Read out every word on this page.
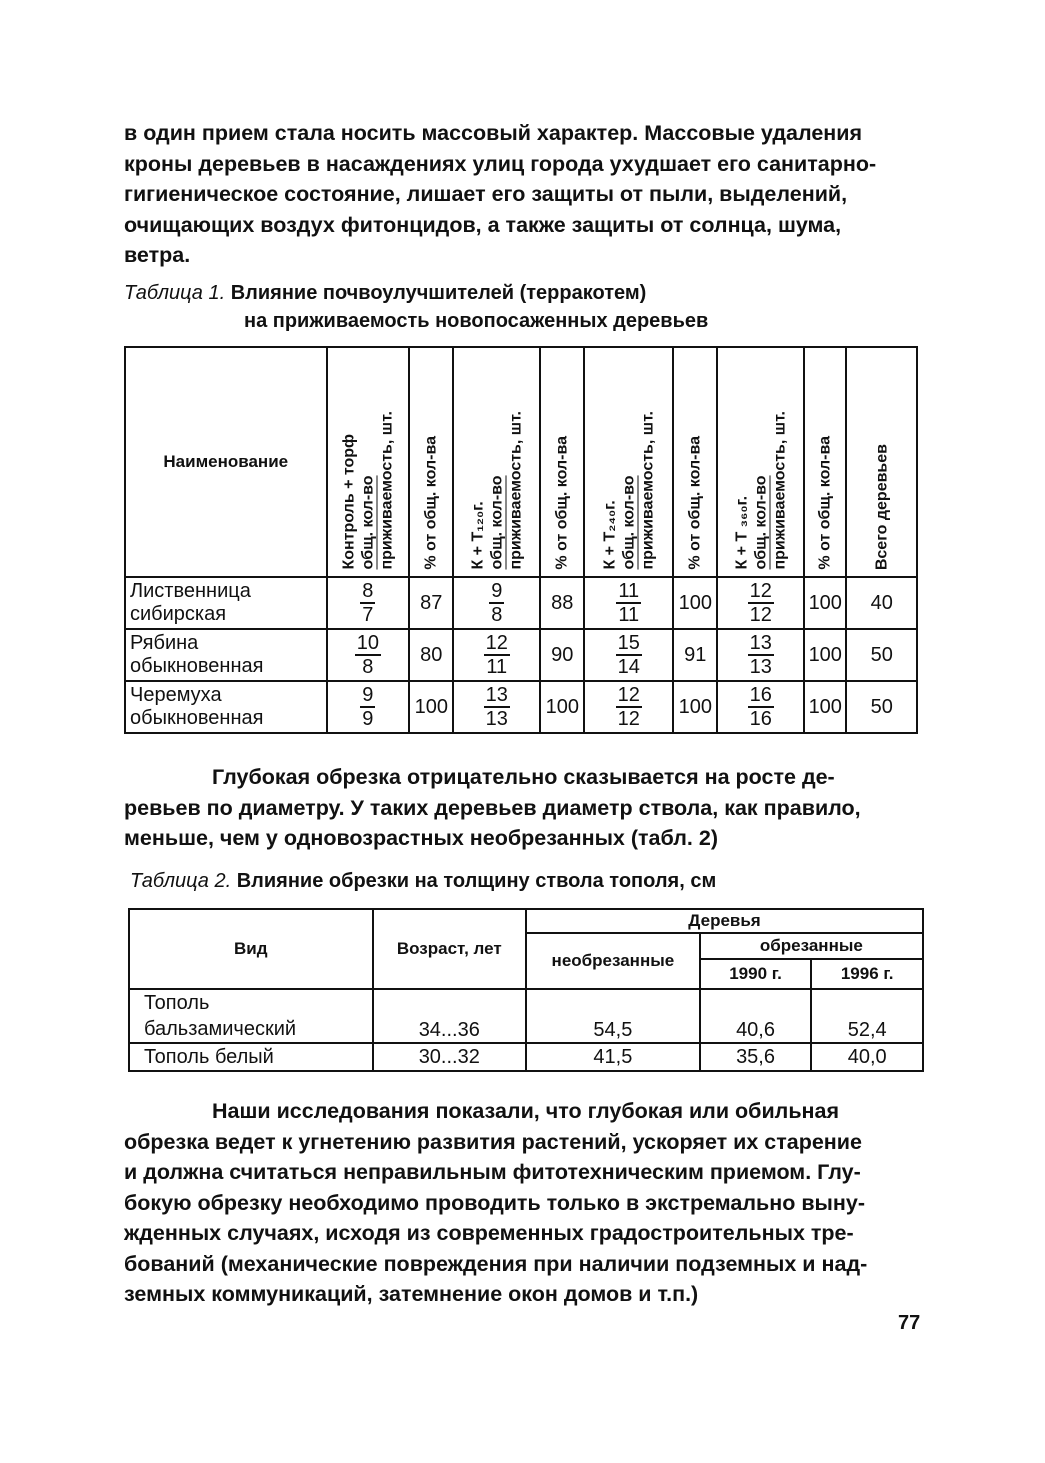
в один прием стала носить массовый характер. Массовые удаления
кроны деревьев в насаждениях улиц города ухудшает его санитарно-
гигиеническое состояние, лишает его защиты от пыли, выделений,
очищающих воздух фитонцидов, а также защиты от солнца, шума,
ветра.

Таблица 1. Влияние почвоулучшителей (терракотем)

на приживаемость новопосаженных деревьев

Наименование	Контроль + торф общ. кол-во приживаемость, шт.	% от общ. кол-ва	К + Т₁₂₀г. общ. кол-во приживаемость, шт.	% от общ. кол-ва	К + Т₂₄₀г. общ. кол-во приживаемость, шт.	% от общ. кол-ва	К + Т ₃₆₀г. общ. кол-во приживаемость, шт.	% от общ. кол-ва	Всего деревьев

Лиственница
сибирская	$\frac{8}{7}$	87	$\frac{9}{8}$	88	$\frac{11}{11}$	100	$\frac{12}{12}$	100	40
Рябина
обыкновенная	$\frac{10}{8}$	80	$\frac{12}{11}$	90	$\frac{15}{14}$	91	$\frac{13}{13}$	100	50
Черемуха
обыкновенная	$\frac{9}{9}$	100	$\frac{13}{13}$	100	$\frac{12}{12}$	100	$\frac{16}{16}$	100	50
Глубокая обрезка отрицательно сказывается на росте де-
ревьев по диаметру. У таких деревьев диаметр ствола, как правило,
меньше, чем у одновозрастных необрезанных (табл. 2)

Таблица 2. Влияние обрезки на толщину ствола тополя, см

Вид	Возраст, лет	Деревья		
		необрезанные	обрезанные	
			1990 г.	1996 г.
Тополь
бальзамический	34...36	54,5	40,6	52,4
Тополь белый	30...32	41,5	35,6	40,0
Наши исследования показали, что глубокая или обильная
обрезка ведет к угнетению развития растений, ускоряет их старение
и должна считаться неправильным фитотехническим приемом. Глу-
бокую обрезку необходимо проводить только в экстремально выну-
жденных случаях, исходя из современных градостроительных тре-
бований (механические повреждения при наличии подземных и над-
земных коммуникаций, затемнение окон домов и т.п.)
77
